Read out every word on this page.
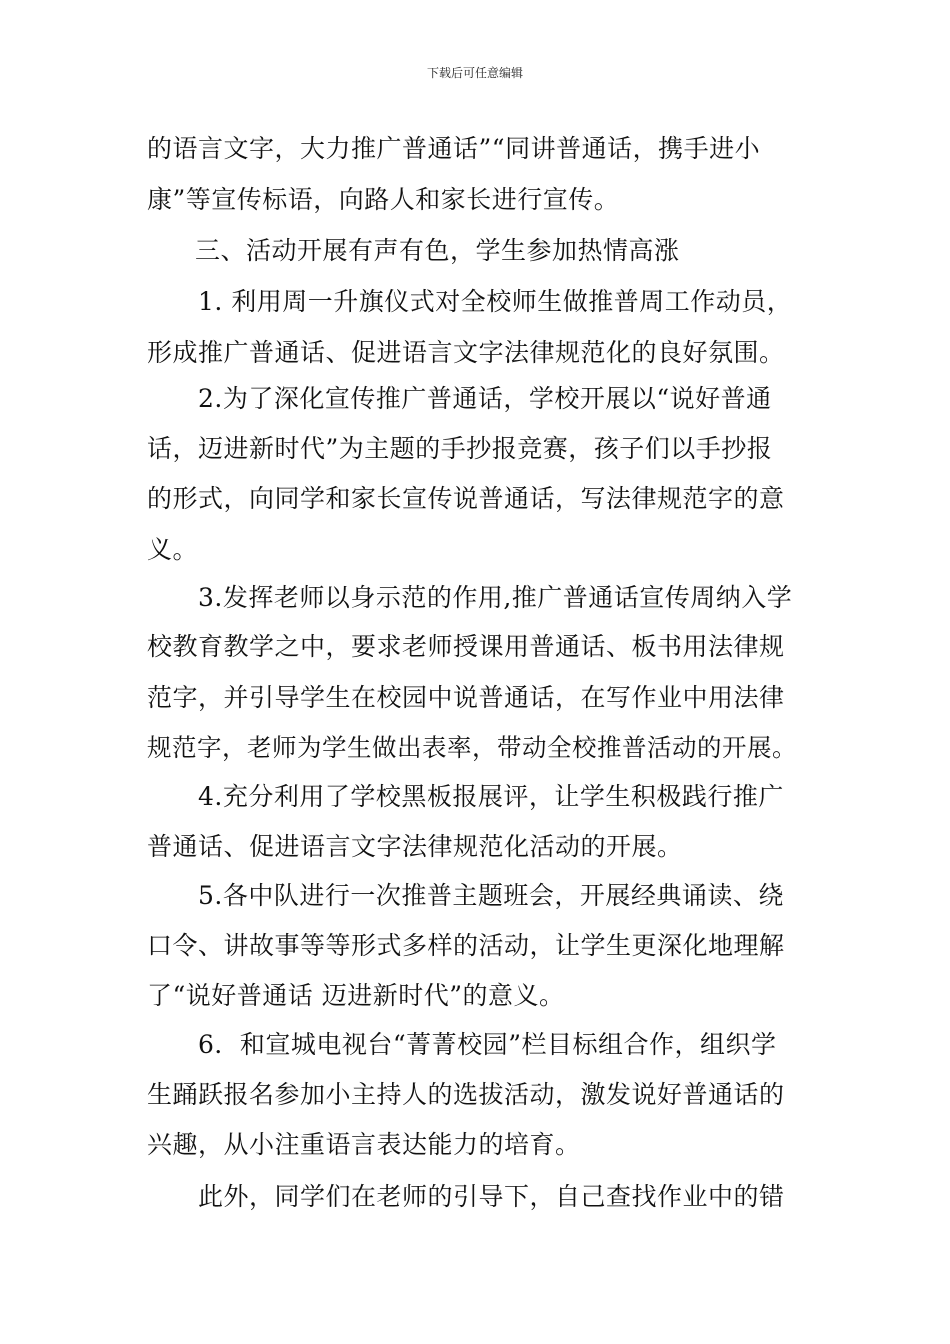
下载后可任意编辑
的语言文字，大力推广普通话”“同讲普通话，携手进小
康”等宣传标语，向路人和家长进行宣传。
三、活动开展有声有色，学生参加热情高涨
1. 利用周一升旗仪式对全校师生做推普周工作动员，
形成推广普通话、促进语言文字法律规范化的良好氛围。
2.为了深化宣传推广普通话，学校开展以“说好普通
话，迈进新时代”为主题的手抄报竞赛，孩子们以手抄报
的形式，向同学和家长宣传说普通话，写法律规范字的意
义。
3.发挥老师以身示范的作用,推广普通话宣传周纳入学
校教育教学之中，要求老师授课用普通话、板书用法律规
范字，并引导学生在校园中说普通话，在写作业中用法律
规范字，老师为学生做出表率，带动全校推普活动的开展。
4.充分利用了学校黑板报展评，让学生积极践行推广
普通话、促进语言文字法律规范化活动的开展。
5.各中队进行一次推普主题班会，开展经典诵读、绕
口令、讲故事等等形式多样的活动，让学生更深化地理解
了“说好普通话 迈进新时代”的意义。
6．和宣城电视台“菁菁校园”栏目标组合作，组织学
生踊跃报名参加小主持人的选拔活动，激发说好普通话的
兴趣，从小注重语言表达能力的培育。
此外，同学们在老师的引导下，自己查找作业中的错
